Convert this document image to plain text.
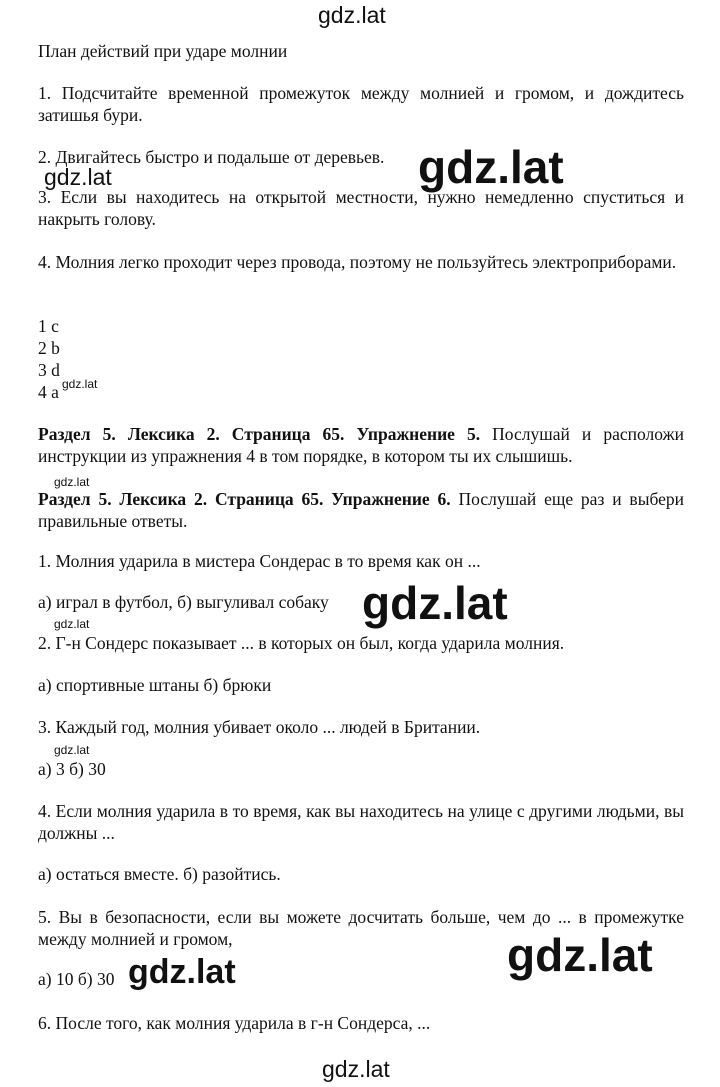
gdz.lat
План действий при ударе молнии
1. Подсчитайте временной промежуток между молнией и громом, и дождитесь затишья бури.
2. Двигайтесь быстро и подальше от деревьев.
3. Если вы находитесь на открытой местности, нужно немедленно спуститься и накрыть голову.
4. Молния легко проходит через провода, поэтому не пользуйтесь электроприборами.
1 c
2 b
3 d
4 a
Раздел 5. Лексика 2. Страница 65. Упражнение 5. Послушай и расположи инструкции из упражнения 4 в том порядке, в котором ты их слышишь.
Раздел 5. Лексика 2. Страница 65. Упражнение 6. Послушай еще раз и выбери правильные ответы.
1. Молния ударила в мистера Сондерас в то время как он ...
а) играл в футбол, б) выгуливал собаку
2. Г-н Сондерс показывает ... в которых он был, когда ударила молния.
а) спортивные штаны б) брюки
3. Каждый год, молния убивает около ... людей в Британии.
а) 3 б) 30
4. Если молния ударила в то время, как вы находитесь на улице с другими людьми, вы должны ...
а) остаться вместе. б) разойтись.
5. Вы в безопасности, если вы можете досчитать больше, чем до ... в промежутке между молнией и громом,
а) 10 б) 30
6. После того, как молния ударила в г-н Сондерса, ...
gdz.lat
gdz.lat
gdz.lat
gdz.lat
gdz.lat
gdz.lat
gdz.lat
gdz.lat
gdz.lat
gdz.lat
